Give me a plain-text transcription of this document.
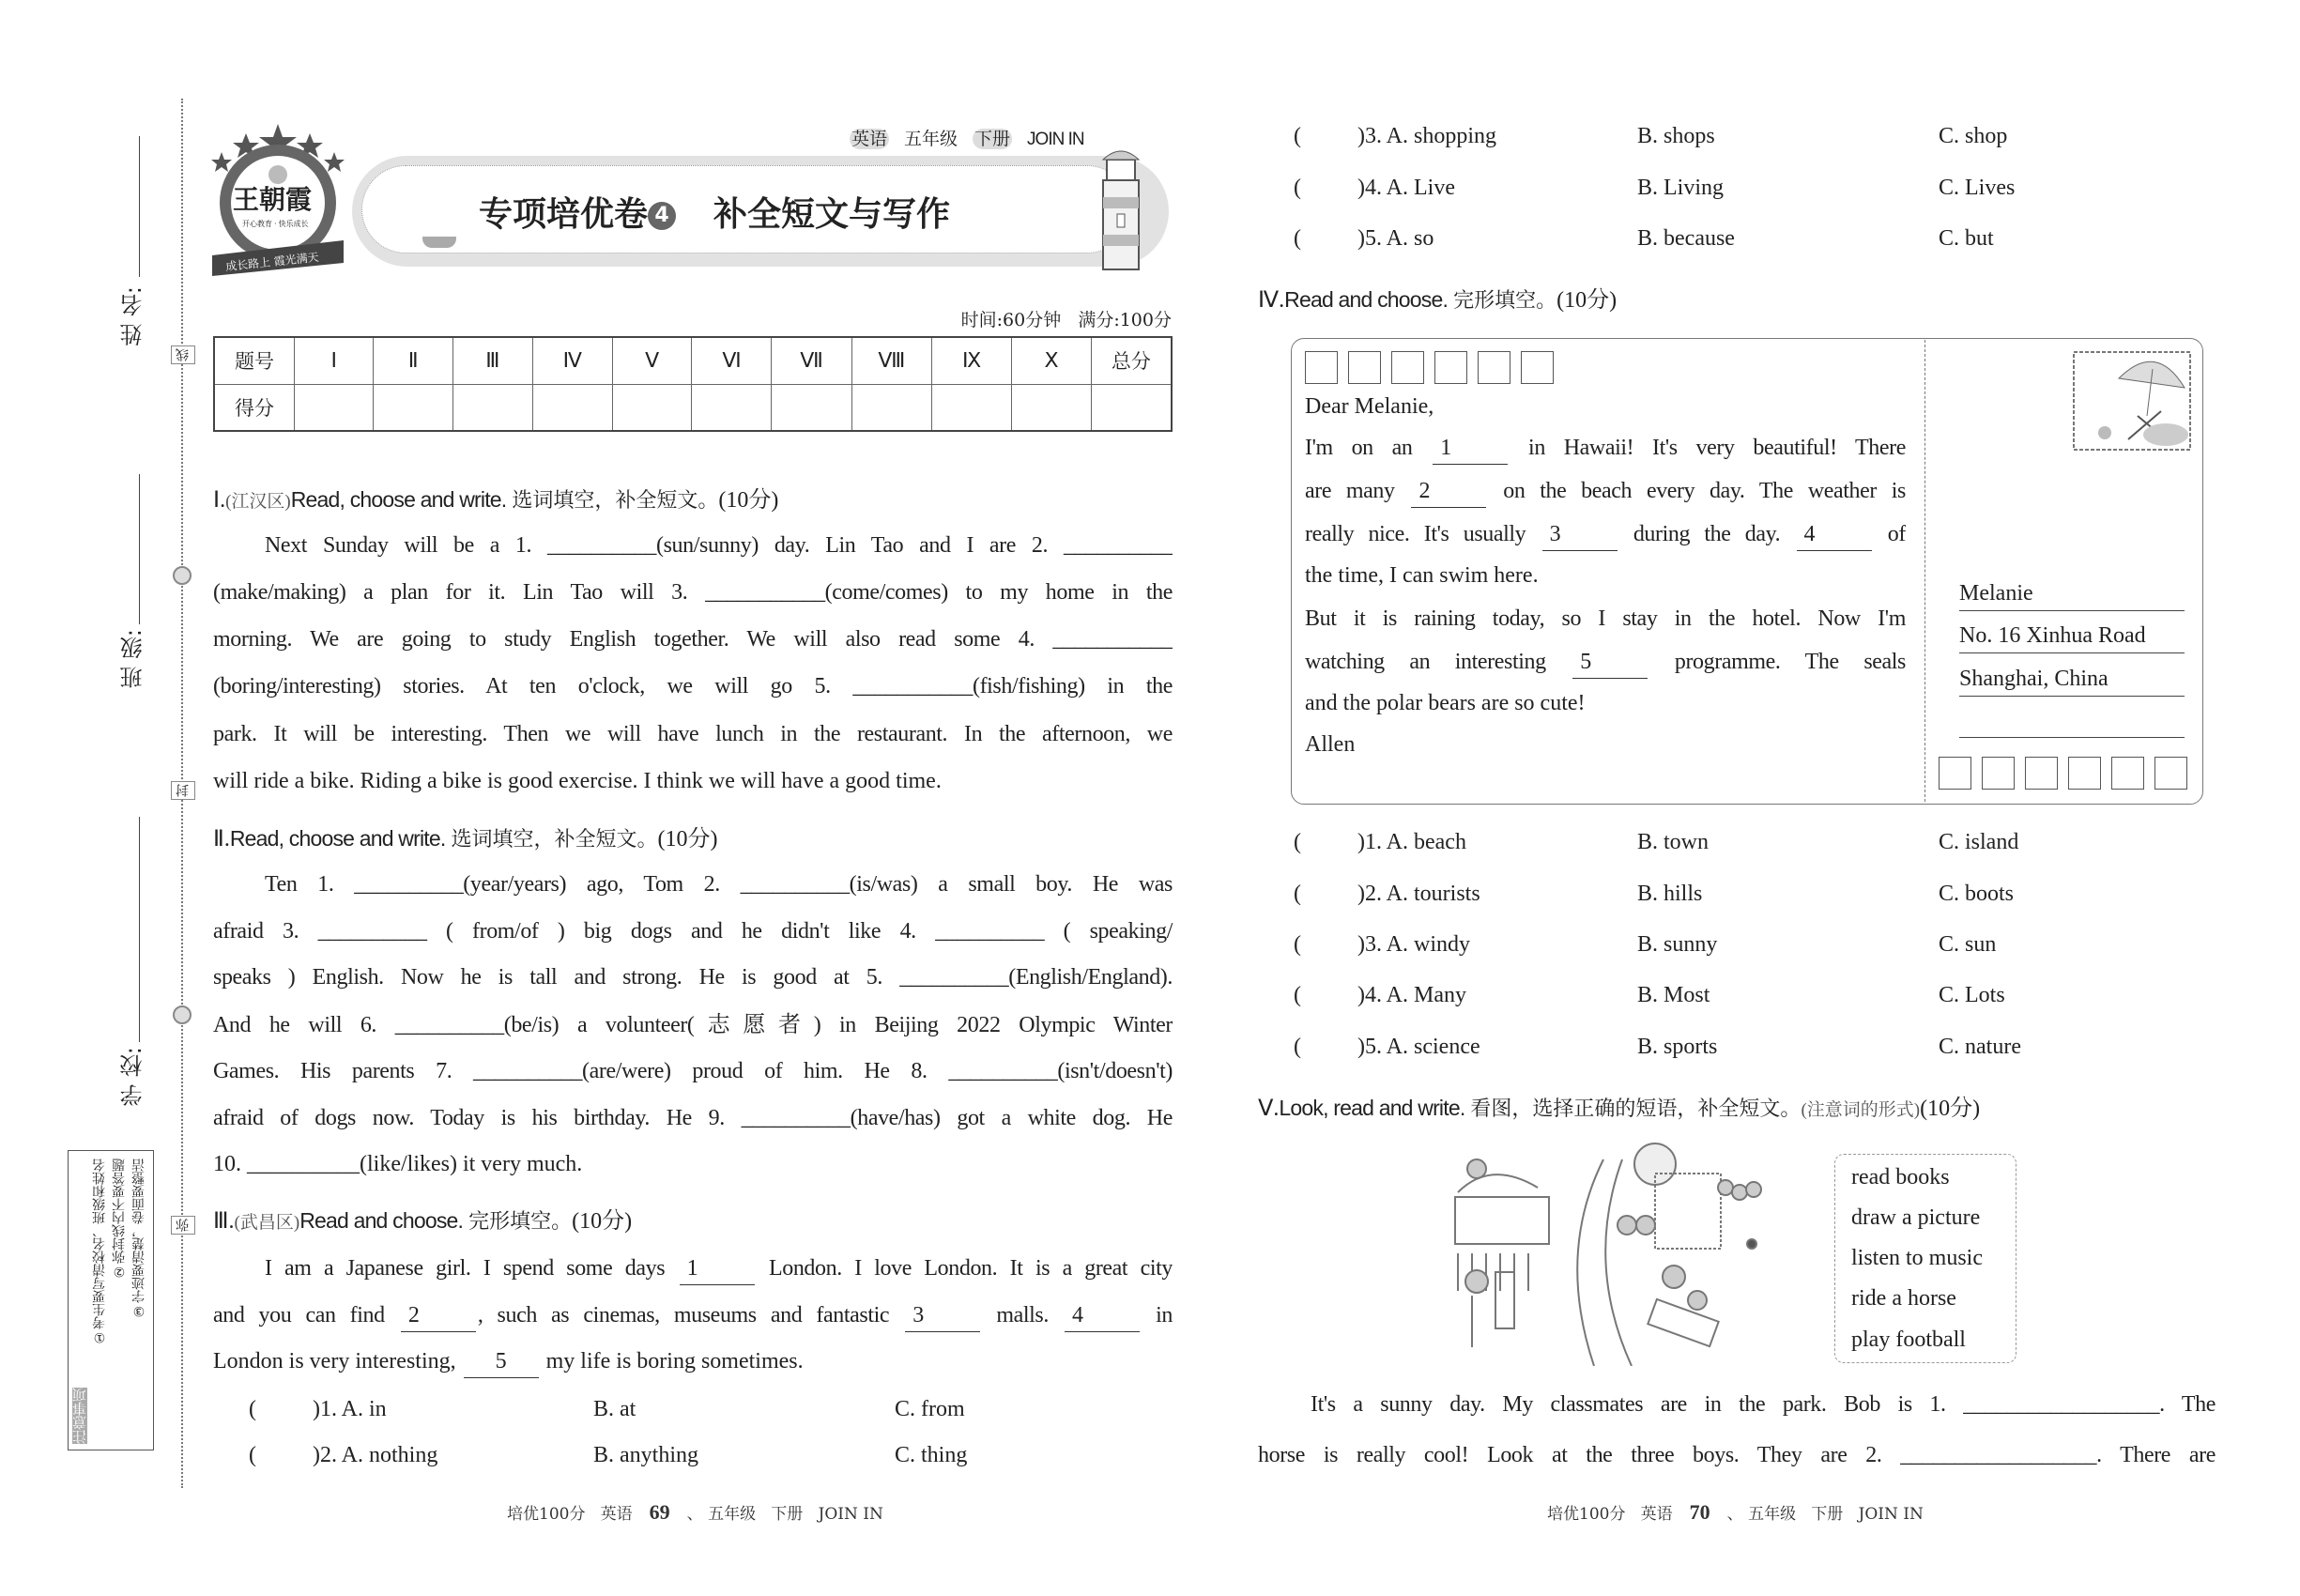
姓 名:
班 级:
学 校:
线
封
弥
注意事项
①考生要写清校名、班级和姓名 ②弥封线内不要答题 ③字迹要清楚，卷面要整洁
王朝霞
开心教育 · 快乐成长
成长路上 霞光满天
英语 五年级 下册 JOIN IN
专项培优卷 4 补全短文与写作
时间:60分钟   满分:100分
题号	Ⅰ	Ⅱ	Ⅲ	Ⅳ	Ⅴ	Ⅵ	Ⅶ	Ⅷ	Ⅸ	Ⅹ	总分
得分											
Ⅰ.(江汉区)Read, choose and write. 选词填空，补全短文。(10分)
Next Sunday will be a 1. __________(sun/sunny) day. Lin Tao and I are 2. __________
(make/making) a plan for it. Lin Tao will 3. ___________(come/comes) to my home in the
morning. We are going to study English together. We will also read some 4. ___________
(boring/interesting) stories. At ten o'clock, we will go 5. ___________(fish/fishing) in the
park. It will be interesting. Then we will have lunch in the restaurant. In the afternoon, we
will ride a bike. Riding a bike is good exercise. I think we will have a good time.
Ⅱ.Read, choose and write. 选词填空，补全短文。(10分)
Ten 1. __________(year/years) ago, Tom 2. __________(is/was) a small boy. He was
afraid 3. __________ ( from/of ) big dogs and he didn't like 4. __________ ( speaking/
speaks ) English. Now he is tall and strong. He is good at 5. __________(English/England).
And he will 6. __________(be/is) a volunteer(志愿者) in Beijing 2022 Olympic Winter
Games. His parents 7. __________(are/were) proud of him. He 8. __________(isn't/doesn't)
afraid of dogs now. Today is his birthday. He 9. __________(have/has) got a white dog. He
10. __________(like/likes) it very much.
Ⅲ.(武昌区)Read and choose. 完形填空。(10分)
I am a Japanese girl. I spend some days 1	London. I love London. It is a great city
and you can find 2	, such as cinemas, museums and fantastic 3	malls. 4	in
London is very interesting, 5 my life is boring sometimes.
(	)1. A. in	B. at	C. from
(	)2. A. nothing	B. anything	C. thing
培优100分   英语 69 、 五年级   下册   JOIN IN
(	)3. A. shopping	B. shops	C. shop
(	)4. A. Live	B. Living	C. Lives
(	)5. A. so	B. because	C. but
Ⅳ.Read and choose. 完形填空。(10分)
Dear Melanie,
I'm on an 1	in Hawaii! It's very beautiful! There
are many 2	on the beach every day. The weather is
really nice. It's usually 3	during the day. 4	of
the time, I can swim here.
But it is raining today, so I stay in the hotel. Now I'm
watching an interesting 5	programme. The seals
and the polar bears are so cute!
Allen
Melanie
No. 16 Xinhua Road
Shanghai, China
(	)1. A. beach	B. town	C. island
(	)2. A. tourists	B. hills	C. boots
(	)3. A. windy	B. sunny	C. sun
(	)4. A. Many	B. Most	C. Lots
(	)5. A. science	B. sports	C. nature
Ⅴ.Look, read and write. 看图，选择正确的短语，补全短文。(注意词的形式)(10分)
read books
draw a picture
listen to music
ride a horse
play football
It's a sunny day. My classmates are in the park. Bob is 1. __________________. The
horse is really cool! Look at the three boys. They are 2. __________________. There are
培优100分   英语 70 、 五年级   下册   JOIN IN
